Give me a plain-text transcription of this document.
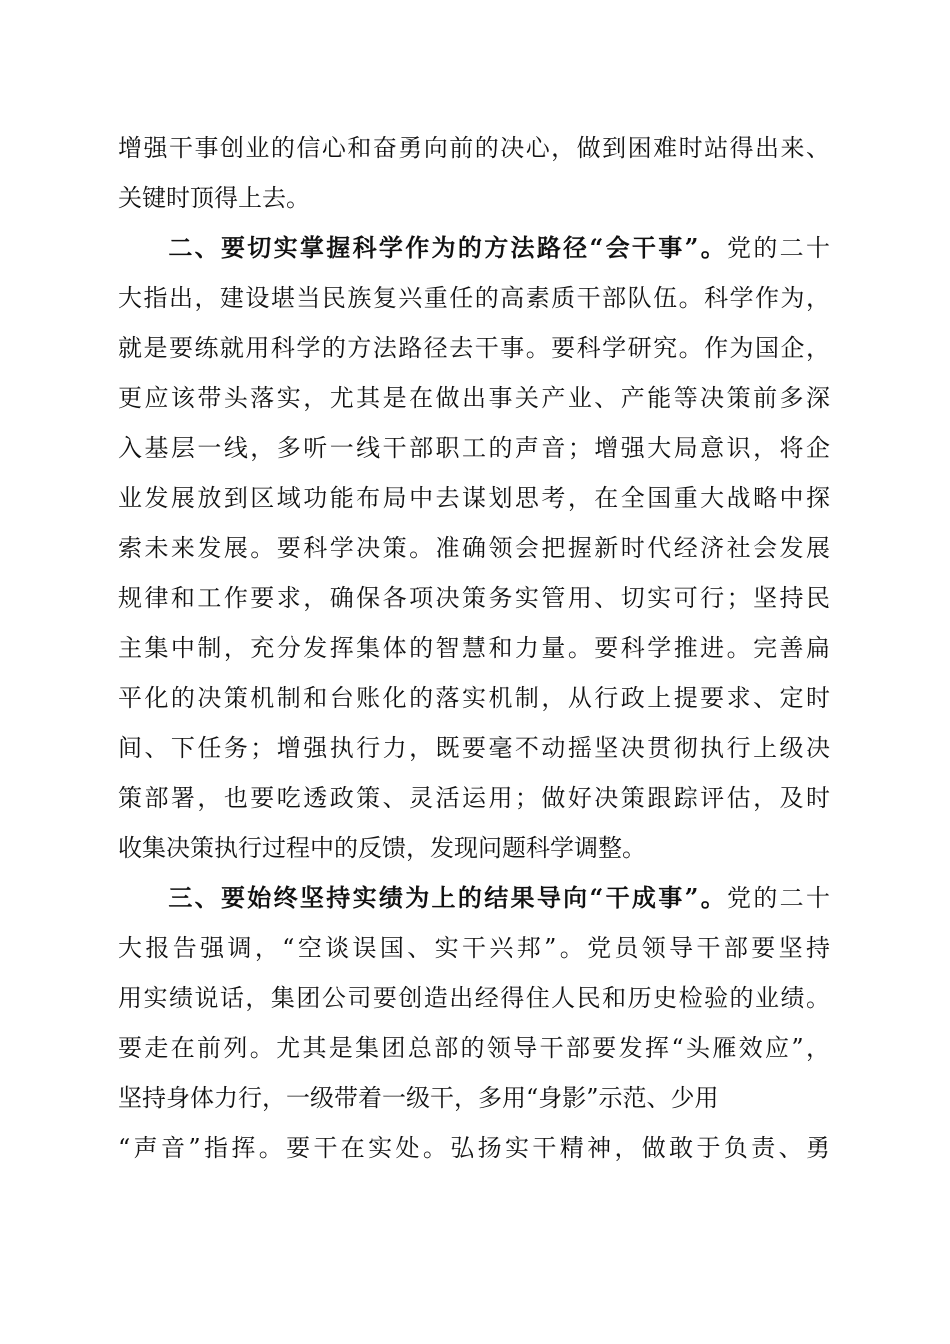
增强干事创业的信心和奋勇向前的决心，做到困难时站得出来、
关键时顶得上去。
二、要切实掌握科学作为的方法路径“会干事”。党的二十
大指出，建设堪当民族复兴重任的高素质干部队伍。科学作为，
就是要练就用科学的方法路径去干事。要科学研究。作为国企，
更应该带头落实，尤其是在做出事关产业、产能等决策前多深
入基层一线，多听一线干部职工的声音；增强大局意识，将企
业发展放到区域功能布局中去谋划思考，在全国重大战略中探
索未来发展。要科学决策。准确领会把握新时代经济社会发展
规律和工作要求，确保各项决策务实管用、切实可行；坚持民
主集中制，充分发挥集体的智慧和力量。要科学推进。完善扁
平化的决策机制和台账化的落实机制，从行政上提要求、定时
间、下任务；增强执行力，既要毫不动摇坚决贯彻执行上级决
策部署，也要吃透政策、灵活运用；做好决策跟踪评估，及时
收集决策执行过程中的反馈，发现问题科学调整。
三、要始终坚持实绩为上的结果导向“干成事”。党的二十
大报告强调，“空谈误国、实干兴邦”。党员领导干部要坚持
用实绩说话，集团公司要创造出经得住人民和历史检验的业绩。
要走在前列。尤其是集团总部的领导干部要发挥“头雁效应”，
坚持身体力行，一级带着一级干，多用“身影”示范、少用
“声音”指挥。要干在实处。弘扬实干精神，做敢于负责、勇
